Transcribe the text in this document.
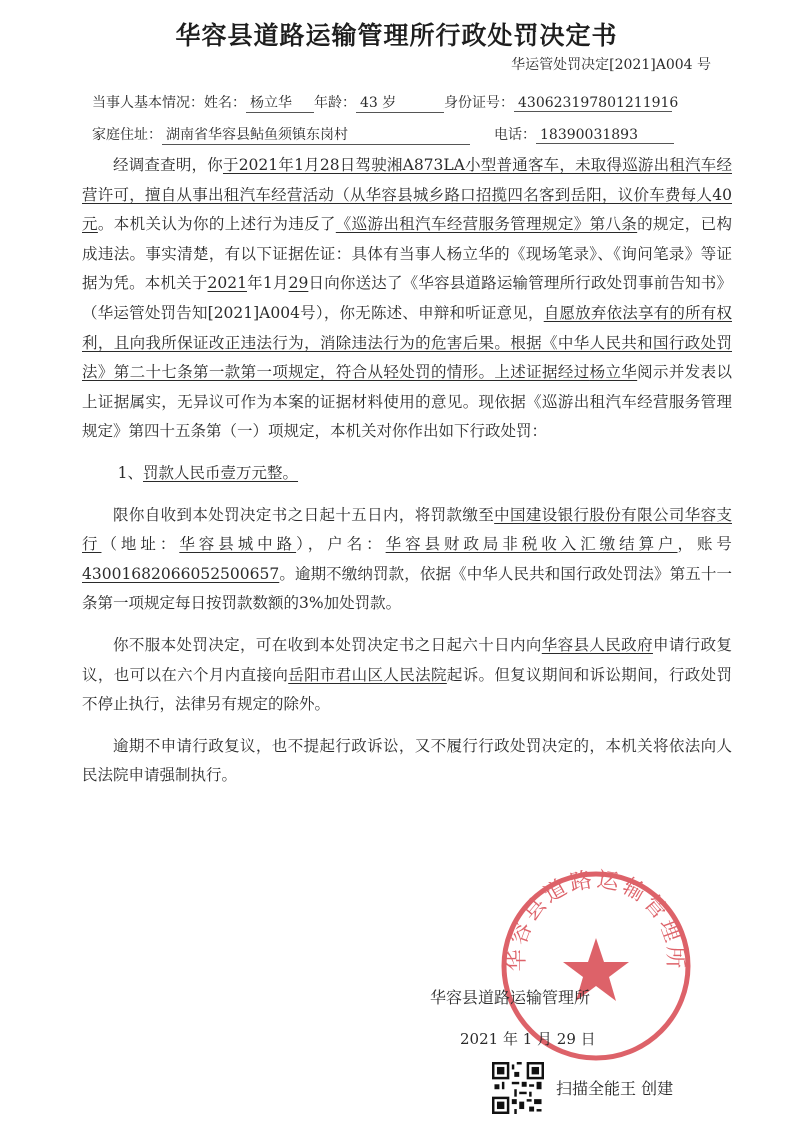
华容县道路运输管理所行政处罚决定书
华运管处罚决定[2021]A004 号
当事人基本情况：姓名： 杨立华 年龄： 43 岁	身份证号： 430623197801211916
家庭住址： 湖南省华容县鲇鱼须镇东岗村	电话： 18390031893

经调查查明，你于2021年1月28日驾驶湘A873LA小型普通客车，未取得巡游出租汽车经营许可，擅自从事出租汽车经营活动（从华容县城乡路口招揽四名客到岳阳，议价车费每人40元。本机关认为你的上述行为违反了《巡游出租汽车经营服务管理规定》第八条的规定，已构成违法。事实清楚，有以下证据佐证：具体有当事人杨立华的《现场笔录》、《询问笔录》等证据为凭。本机关于2021年1月29日向你送达了《华容县道路运输管理所行政处罚事前告知书》（华运管处罚告知[2021]A004号），你无陈述、申辩和听证意见，自愿放弃依法享有的所有权利，且向我所保证改正违法行为，消除违法行为的危害后果。根据《中华人民共和国行政处罚法》第二十七条第一款第一项规定，符合从轻处罚的情形。上述证据经过杨立华阅示并发表以上证据属实，无异议可作为本案的证据材料使用的意见。现依据《巡游出租汽车经营服务管理规定》第四十五条第（一）项规定，本机关对你作出如下行政处罚：

1、罚款人民币壹万元整。

限你自收到本处罚决定书之日起十五日内，将罚款缴至中国建设银行股份有限公司华容支行（地址：华容县城中路），户名：华容县财政局非税收入汇缴结算户，账号43001682066052500657。逾期不缴纳罚款，依据《中华人民共和国行政处罚法》第五十一条第一项规定每日按罚款数额的3%加处罚款。

你不服本处罚决定，可在收到本处罚决定书之日起六十日内向华容县人民政府申请行政复议，也可以在六个月内直接向岳阳市君山区人民法院起诉。但复议期间和诉讼期间，行政处罚不停止执行，法律另有规定的除外。

逾期不申请行政复议，也不提起行政诉讼，又不履行行政处罚决定的，本机关将依法向人民法院申请强制执行。

华容县道路运输管理所
华容县道路运输管理所
2021 年 1 月 29 日
扫描全能王 创建
